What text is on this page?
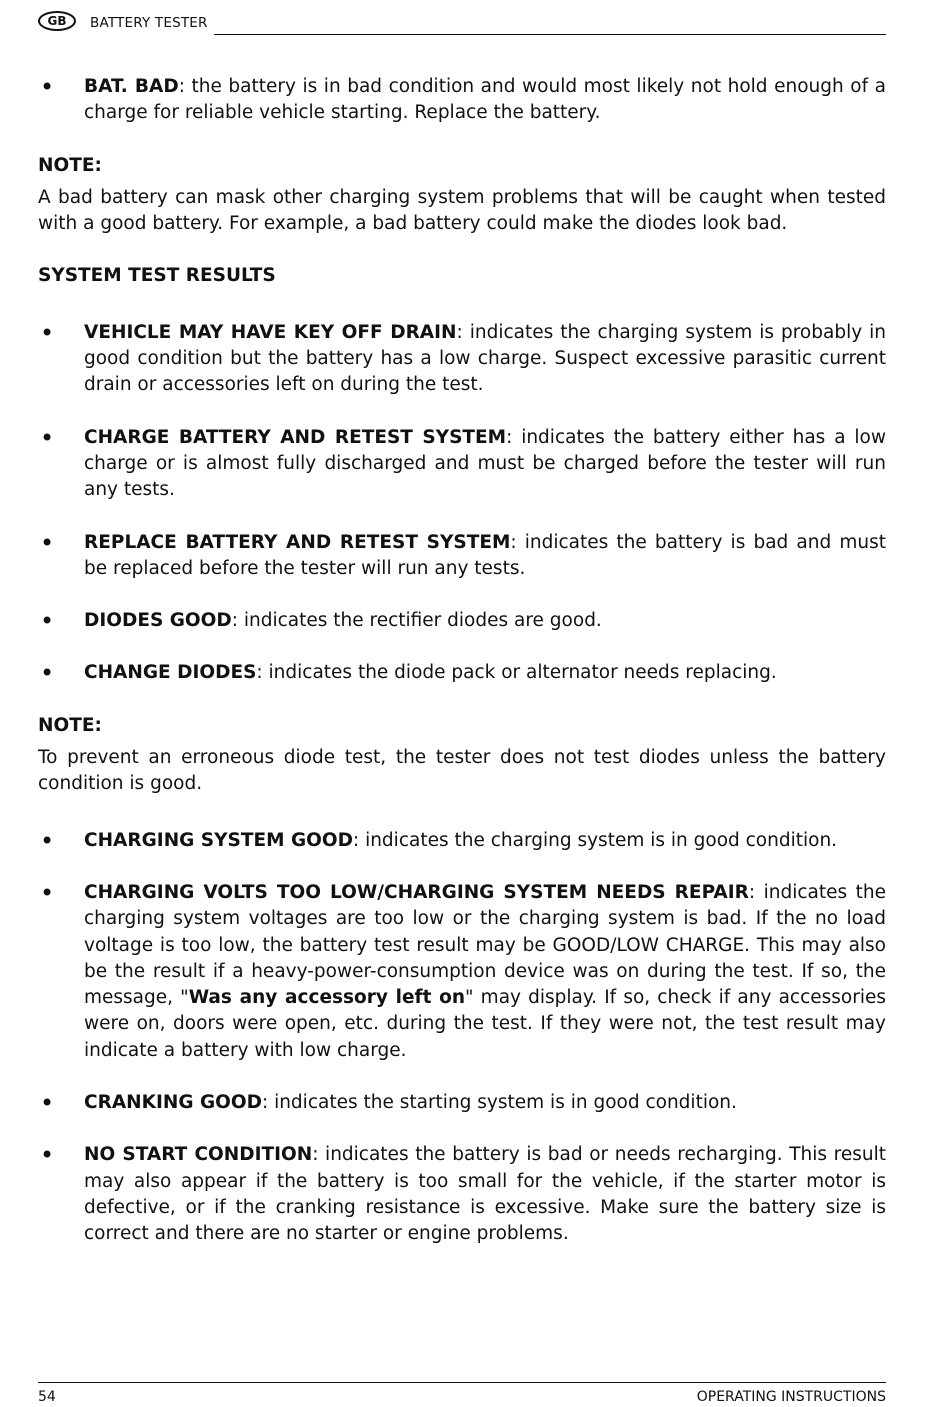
GB	BATTERY TESTER
• BAT. BAD: the battery is in bad condition and would most likely not hold enough of a charge for reliable vehicle starting. Replace the battery.
NOTE:
A bad battery can mask other charging system problems that will be caught when tested with a good battery. For example, a bad battery could make the diodes look bad.
SYSTEM TEST RESULTS
• VEHICLE MAY HAVE KEY OFF DRAIN: indicates the charging system is probably in good condition but the battery has a low charge. Suspect excessive parasitic current drain or accessories left on during the test.
• CHARGE BATTERY AND RETEST SYSTEM: indicates the battery either has a low charge or is almost fully discharged and must be charged before the tester will run any tests.
• REPLACE BATTERY AND RETEST SYSTEM: indicates the battery is bad and must be replaced before the tester will run any tests.
• DIODES GOOD: indicates the rectifier diodes are good.
• CHANGE DIODES: indicates the diode pack or alternator needs replacing.
NOTE:
To prevent an erroneous diode test, the tester does not test diodes unless the battery condition is good.
• CHARGING SYSTEM GOOD: indicates the charging system is in good condition.
• CHARGING VOLTS TOO LOW/CHARGING SYSTEM NEEDS REPAIR: indicates the charging system voltages are too low or the charging system is bad. If the no load voltage is too low, the battery test result may be GOOD/LOW CHARGE. This may also be the result if a heavy-power-consumption device was on during the test. If so, the message, "Was any accessory left on" may display. If so, check if any accessories were on, doors were open, etc. during the test. If they were not, the test result may indicate a battery with low charge.
• CRANKING GOOD: indicates the starting system is in good condition.
• NO START CONDITION: indicates the battery is bad or needs recharging. This result may also appear if the battery is too small for the vehicle, if the starter motor is defective, or if the cranking resistance is excessive. Make sure the battery size is correct and there are no starter or engine problems.
54	OPERATING INSTRUCTIONS
